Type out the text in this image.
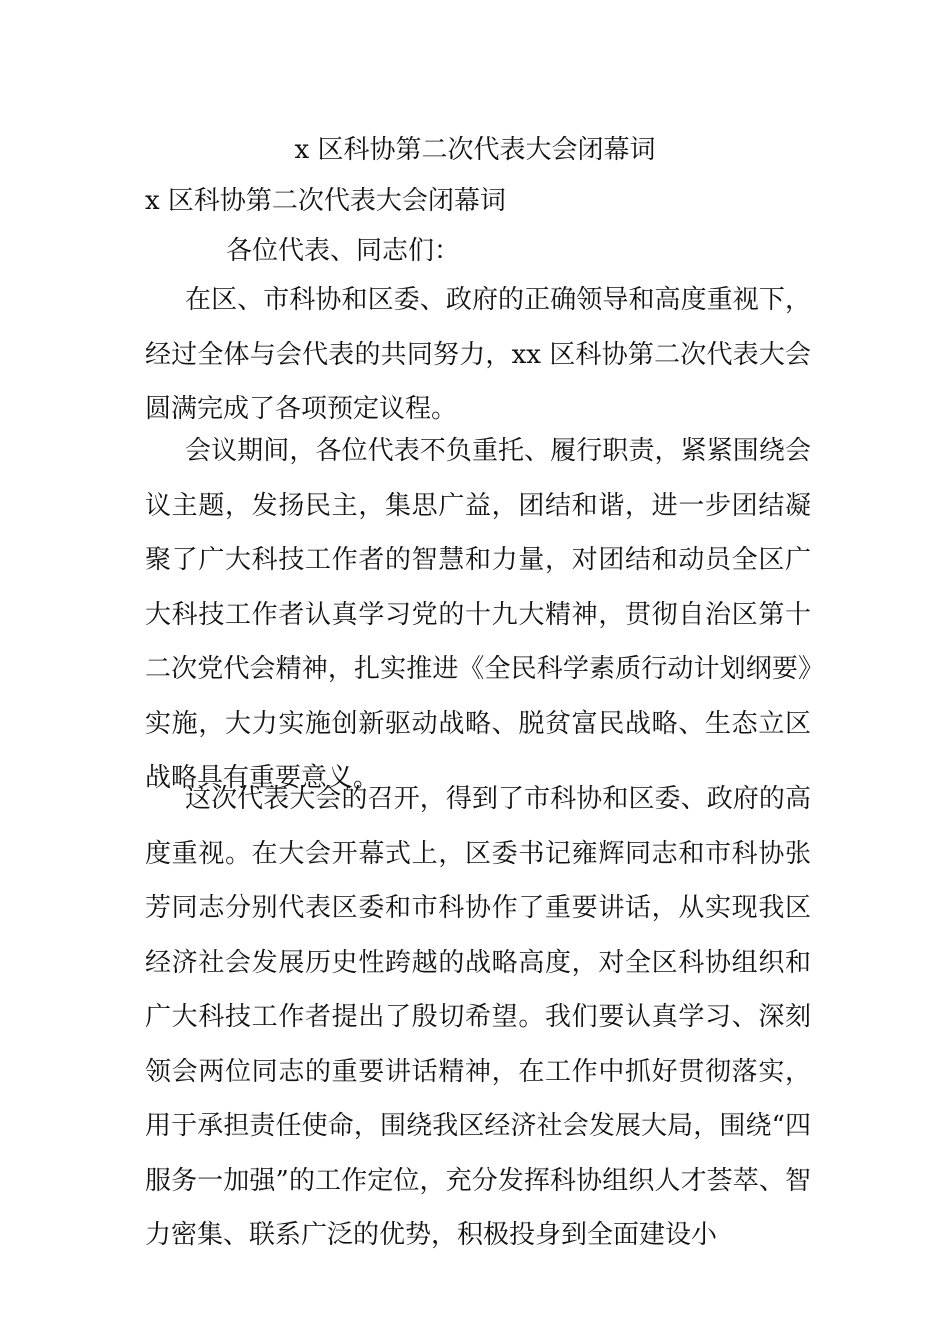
x 区科协第二次代表大会闭幕词
x 区科协第二次代表大会闭幕词

各位代表、同志们：

在区、市科协和区委、政府的正确领导和高度重视下，经过全体与会代表的共同努力，xx 区科协第二次代表大会圆满完成了各项预定议程。

会议期间，各位代表不负重托、履行职责，紧紧围绕会议主题，发扬民主，集思广益，团结和谐，进一步团结凝聚了广大科技工作者的智慧和力量，对团结和动员全区广大科技工作者认真学习党的十九大精神，贯彻自治区第十二次党代会精神，扎实推进《全民科学素质行动计划纲要》实施，大力实施创新驱动战略、脱贫富民战略、生态立区战略具有重要意义。

这次代表大会的召开，得到了市科协和区委、政府的高度重视。在大会开幕式上，区委书记雍辉同志和市科协张芳同志分别代表区委和市科协作了重要讲话，从实现我区经济社会发展历史性跨越的战略高度，对全区科协组织和广大科技工作者提出了殷切希望。我们要认真学习、深刻领会两位同志的重要讲话精神，在工作中抓好贯彻落实，用于承担责任使命，围绕我区经济社会发展大局，围绕“四服务一加强”的工作定位，充分发挥科协组织人才荟萃、智力密集、联系广泛的优势，积极投身到全面建设小
